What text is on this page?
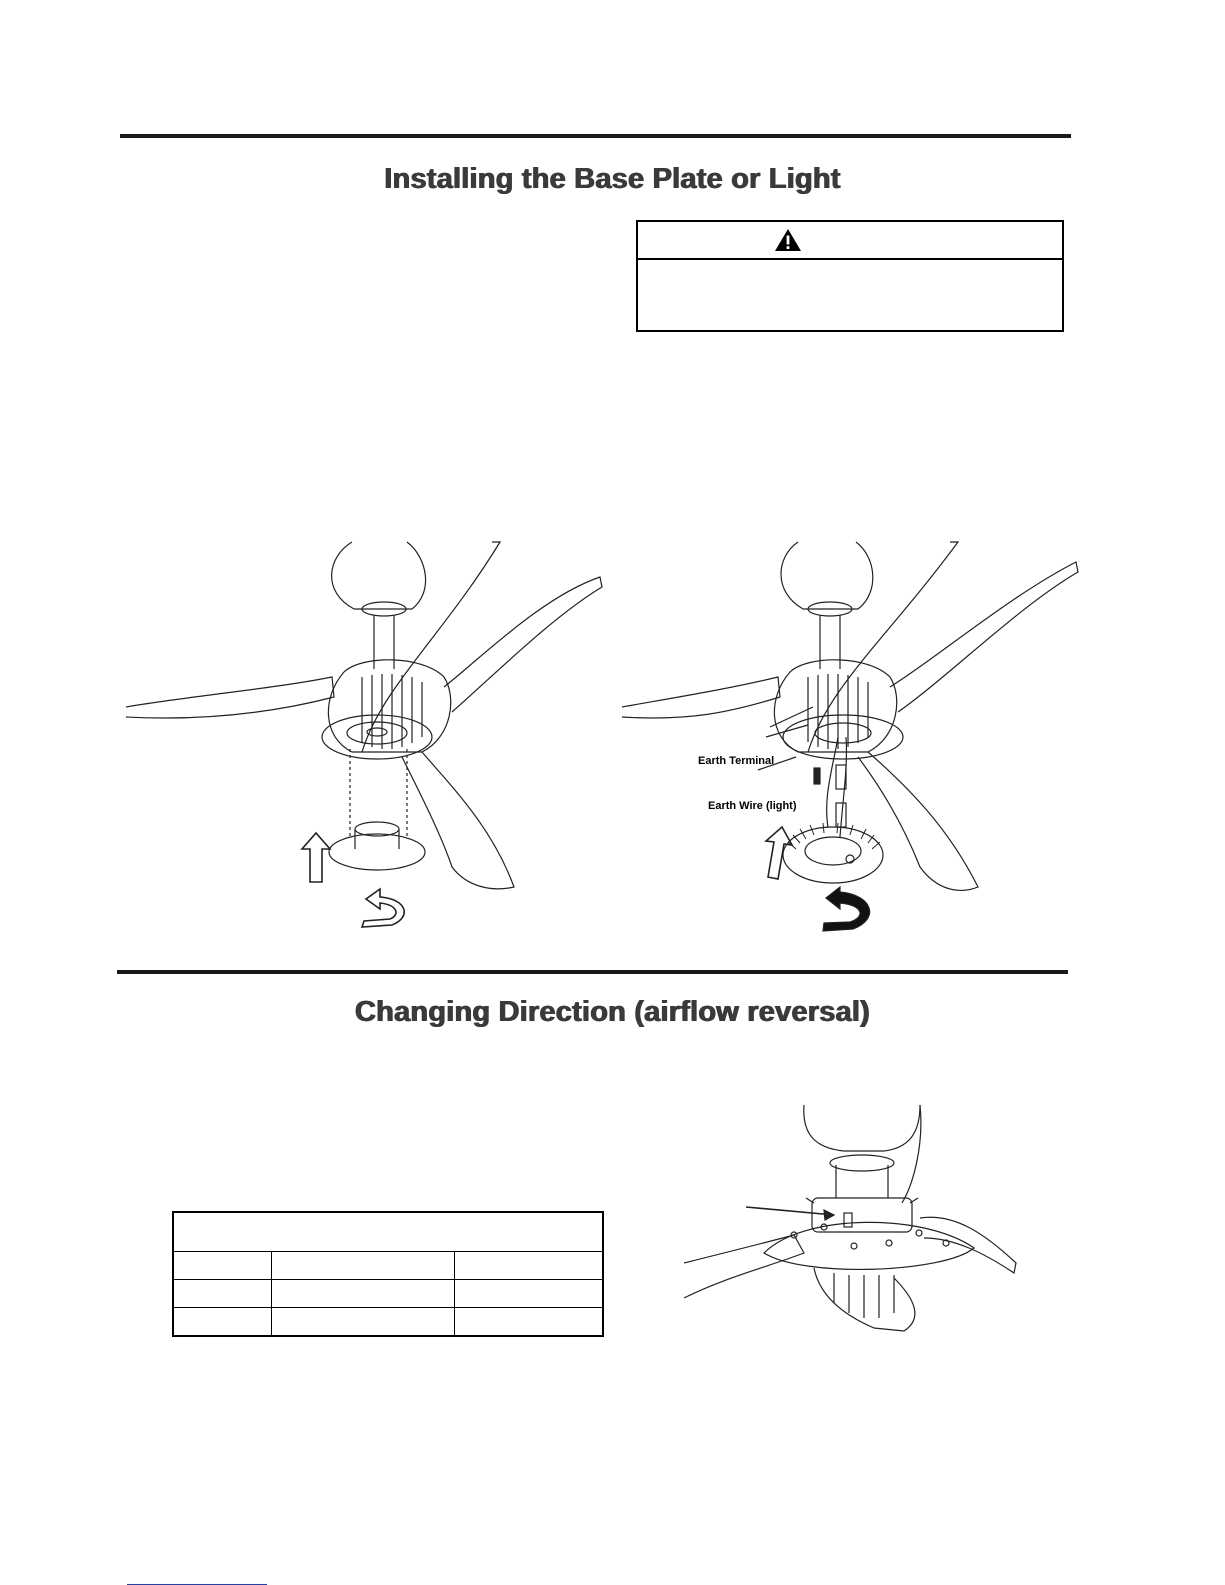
Installing the Base Plate or Light
Earth Terminal
Earth Wire (light)
Changing Direction (airflow reversal)
